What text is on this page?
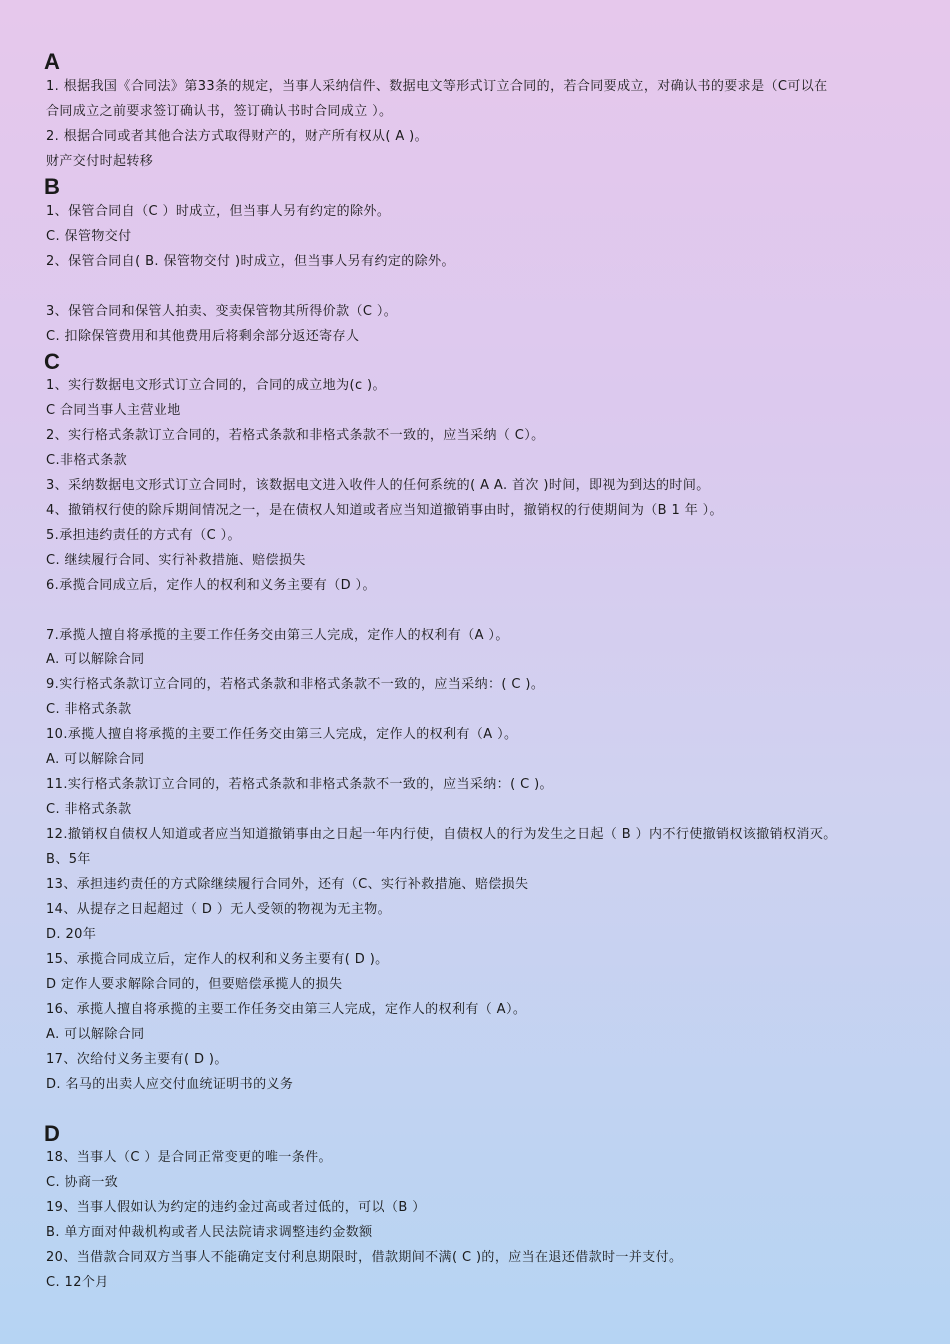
A
1. 根据我国《合同法》第33条的规定，当事人采纳信件、数据电文等形式订立合同的，若合同要成立，对确认书的要求是（C可以在
合同成立之前要求签订确认书，签订确认书时合同成立 ）。
2. 根据合同或者其他合法方式取得财产的，财产所有权从( A )。
财产交付时起转移
B
1、保管合同自（C ）时成立，但当事人另有约定的除外。
C. 保管物交付
2、保管合同自( B. 保管物交付 )时成立，但当事人另有约定的除外。
3、保管合同和保管人拍卖、变卖保管物其所得价款（C ）。
C. 扣除保管费用和其他费用后将剩余部分返还寄存人
C
1、实行数据电文形式订立合同的，合同的成立地为(c )。
C 合同当事人主营业地
2、实行格式条款订立合同的，若格式条款和非格式条款不一致的，应当采纳（ C）。
C.非格式条款
3、采纳数据电文形式订立合同时，该数据电文进入收件人的任何系统的( A A. 首次 )时间，即视为到达的时间。
4、撤销权行使的除斥期间情况之一，是在债权人知道或者应当知道撤销事由时，撤销权的行使期间为（B 1 年 ）。
5.承担违约责任的方式有（C ）。
C. 继续履行合同、实行补救措施、赔偿损失
6.承揽合同成立后，定作人的权利和义务主要有（D ）。
7.承揽人擅自将承揽的主要工作任务交由第三人完成，定作人的权利有（A ）。
A. 可以解除合同
9.实行格式条款订立合同的，若格式条款和非格式条款不一致的，应当采纳：( C )。
C. 非格式条款
10.承揽人擅自将承揽的主要工作任务交由第三人完成，定作人的权利有（A ）。
A. 可以解除合同
11.实行格式条款订立合同的，若格式条款和非格式条款不一致的，应当采纳：( C )。
C. 非格式条款
12.撤销权自债权人知道或者应当知道撤销事由之日起一年内行使，自债权人的行为发生之日起（ B ）内不行使撤销权该撤销权消灭。
B、5年
13、承担违约责任的方式除继续履行合同外，还有（C、实行补救措施、赔偿损失
14、从提存之日起超过（ D ）无人受领的物视为无主物。
D. 20年
15、承揽合同成立后，定作人的权利和义务主要有( D )。
D 定作人要求解除合同的，但要赔偿承揽人的损失
16、承揽人擅自将承揽的主要工作任务交由第三人完成，定作人的权利有（ A）。
A. 可以解除合同
17、次给付义务主要有( D )。
D. 名马的出卖人应交付血统证明书的义务
D
18、当事人（C ）是合同正常变更的唯一条件。
C. 协商一致
19、当事人假如认为约定的违约金过高或者过低的，可以（B ）
B. 单方面对仲裁机构或者人民法院请求调整违约金数额
20、当借款合同双方当事人不能确定支付利息期限时，借款期间不满( C )的，应当在退还借款时一并支付。
C. 12个月
